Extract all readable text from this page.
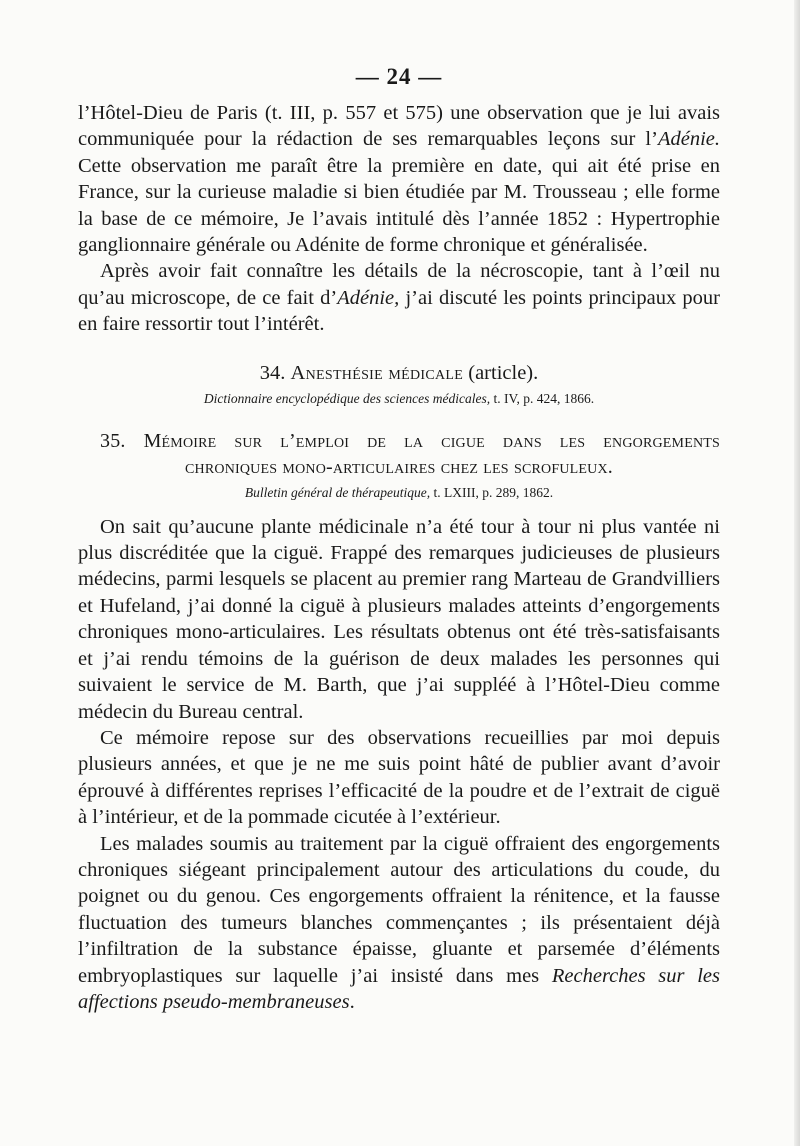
— 24 —

l’Hôtel-Dieu de Paris (t. III, p. 557 et 575) une observation que je lui avais communiquée pour la rédaction de ses remarquables leçons sur l’Adénie. Cette observation me paraît être la première en date, qui ait été prise en France, sur la curieuse maladie si bien étudiée par M. Trousseau ; elle forme la base de ce mémoire, Je l’avais intitulé dès l’année 1852 : Hypertrophie ganglionnaire générale ou Adénite de forme chronique et généralisée.

Après avoir fait connaître les détails de la nécroscopie, tant à l’œil nu qu’au microscope, de ce fait d’Adénie, j’ai discuté les points principaux pour en faire ressortir tout l’intérêt.

34. Anesthésie médicale (article).
Dictionnaire encyclopédique des sciences médicales, t. IV, p. 424, 1866.
35. Mémoire sur l’emploi de la cigue dans les engorgements
chroniques mono-articulaires chez les scrofuleux.
Bulletin général de thérapeutique, t. LXIII, p. 289, 1862.

On sait qu’aucune plante médicinale n’a été tour à tour ni plus vantée ni plus discréditée que la ciguë. Frappé des remarques judicieuses de plusieurs médecins, parmi lesquels se placent au premier rang Marteau de Grandvilliers et Hufeland, j’ai donné la ciguë à plusieurs malades atteints d’engorgements chroniques mono-articulaires. Les résultats obtenus ont été très-satisfaisants et j’ai rendu témoins de la guérison de deux malades les personnes qui suivaient le service de M. Barth, que j’ai suppléé à l’Hôtel-Dieu comme médecin du Bureau central.

Ce mémoire repose sur des observations recueillies par moi depuis plusieurs années, et que je ne me suis point hâté de publier avant d’avoir éprouvé à différentes reprises l’efficacité de la poudre et de l’extrait de ciguë à l’intérieur, et de la pommade cicutée à l’extérieur.

Les malades soumis au traitement par la ciguë offraient des engorgements chroniques siégeant principalement autour des articulations du coude, du poignet ou du genou. Ces engorgements offraient la rénitence, et la fausse fluctuation des tumeurs blanches commençantes ; ils présentaient déjà l’infiltration de la substance épaisse, gluante et parsemée d’éléments embryoplastiques sur laquelle j’ai insisté dans mes Recherches sur les affections pseudo-membraneuses.
